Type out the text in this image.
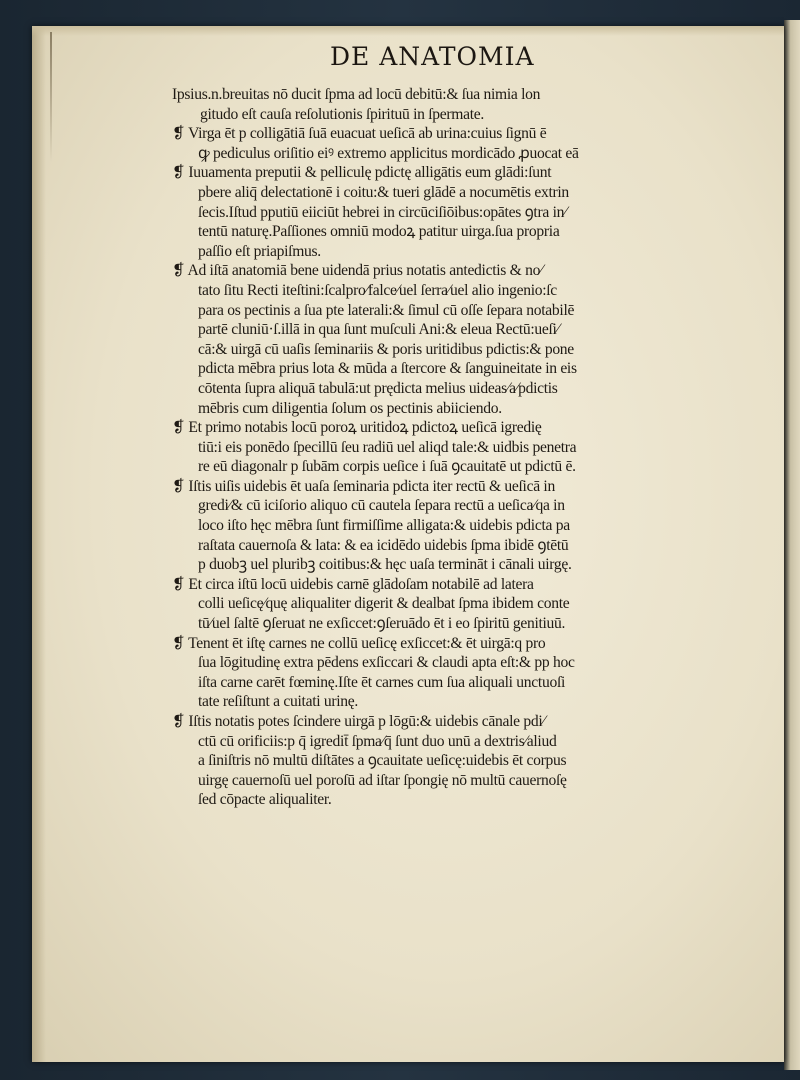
DE ANATOMIA
Ipsius.n.breuitas nō ducit ſpma ad locū debitū:& ſua nimia lon
gitudo eſt cauſa reſolutionis ſpirituū in ſpermate.
❡ Virga ēt p colligātiā ſuā euacuat ueſicā ab urina:cuius ſignū ē
ꝙ pediculus oriſitio eiꝰ extremo applicitus mordicādo ꝓuocat eā
❡ Iuuamenta preputii & pelliculę pdictę alligātis eum glādi:ſunt
pbere aliq̄ delectationē i coitu:& tueri glādē a nocumētis extrin
ſecis.Iſtud pputiū eiiciūt hebrei in circūciſiōibus:opātes ꝯtra in⁄
tentū naturę.Paſſiones omniū modoꝝ patitur uirga.ſua propria
paſſio eſt priapiſmus.
❡ Ad iſtā anatomiā bene uidendā prius notatis antedictis & no⁄
tato ſitu Recti iteſtini:ſcalpro⁄falce⁄uel ſerra⁄uel alio ingenio:ſc
para os pectinis a ſua pte laterali:& ſimul cū oſſe ſepara notabilē
partē cluniū·ſ.illā in qua ſunt muſculi Ani:& eleua Rectū:ueſi⁄
cā:& uirgā cū uaſis ſeminariis & poris uritidibus pdictis:& pone
pdicta mēbra prius lota & mūda a ſtercore & ſanguineitate in eis
cōtenta ſupra aliquā tabulā:ut prędicta melius uideas⁄a⁄pdictis
mēbris cum diligentia ſolum os pectinis abiiciendo.
❡ Et primo notabis locū poroꝝ uritidoꝝ pdictoꝝ ueſicā igredię
tiū:i eis ponēdo ſpecillū ſeu radiū uel aliqd tale:& uidbis penetra
re eū diagonalr p ſubām corpis ueſice i ſuā ꝯcauitatē ut pdictū ē.
❡ Iſtis uiſis uidebis ēt uaſa ſeminaria pdicta iter rectū & ueſicā in
gredi⁄& cū iciſorio aliquo cū cautela ſepara rectū a ueſica⁄qa in
loco iſto hęc mēbra ſunt firmiſſime alligata:& uidebis pdicta pa
raſtata cauernoſa & lata: & ea icidēdo uidebis ſpma ibidē ꝯtētū
p duobꝫ uel pluribꝫ coitibus:& hęc uaſa termināt i cānali uirgę.
❡ Et circa iſtū locū uidebis carnē glādoſam notabilē ad latera
colli ueſicę⁄quę aliqualiter digerit & dealbat ſpma ibidem conte
tū⁄uel ſaltē ꝯſeruat ne exſiccet:ꝯſeruādo ēt i eo ſpiritū genitiuū.
❡ Tenent ēt iſtę carnes ne collū ueſicę exſiccet:& ēt uirgā:q pro
ſua lōgitudinę extra pēdens exſiccari & claudi apta eſt:& pp hoc
iſta carne carēt fœminę.Iſte ēt carnes cum ſua aliquali unctuoſi
tate reſiſtunt a cuitati urinę.
❡ Iſtis notatis potes ſcindere uirgā p lōgū:& uidebis cānale pdi⁄
ctū cū orificiis:p q̄ igredit̄ ſpma⁄q̄ ſunt duo unū a dextris⁄aliud
a ſiniſtris nō multū diſtātes a ꝯcauitate ueſicę:uidebis ēt corpus
uirgę cauernoſū uel poroſū ad iſtar ſpongię nō multū cauernoſę
ſed cōpacte aliqualiter.
